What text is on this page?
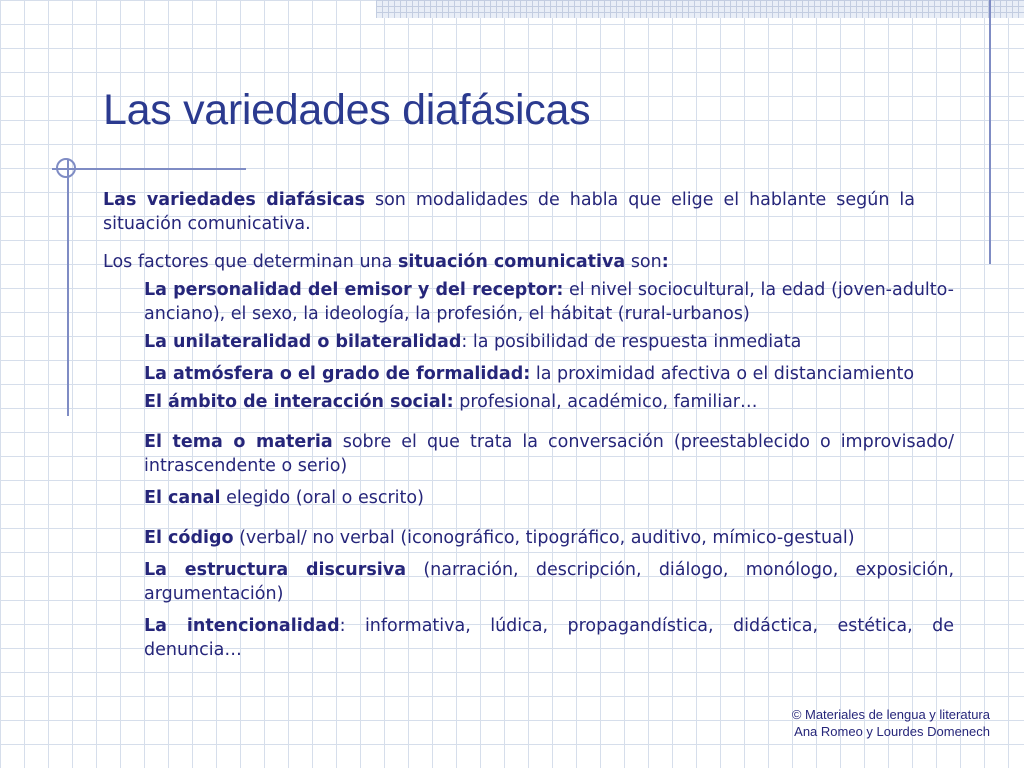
Las variedades diafásicas

Las variedades diafásicas son modalidades de habla que elige el hablante según la situación comunicativa.

Los factores que determinan una situación comunicativa son:

La personalidad del emisor y del receptor: el nivel sociocultural, la edad (joven-adulto-anciano), el sexo, la ideología, la profesión, el hábitat (rural-urbanos)
La unilateralidad o bilateralidad: la posibilidad de respuesta inmediata
La atmósfera o el grado de formalidad: la proximidad afectiva o el distanciamiento
El ámbito de interacción social: profesional, académico, familiar…
El tema o materia sobre el que trata la conversación (preestablecido o improvisado/ intrascendente o serio)
El canal elegido (oral o escrito)
El código (verbal/ no verbal (iconográfico, tipográfico, auditivo, mímico-gestual)
La estructura discursiva (narración, descripción, diálogo, monólogo, exposición, argumentación)
La intencionalidad: informativa, lúdica, propagandística, didáctica, estética, de denuncia…
© Materiales de lengua y literatura
Ana Romeo y Lourdes Domenech
